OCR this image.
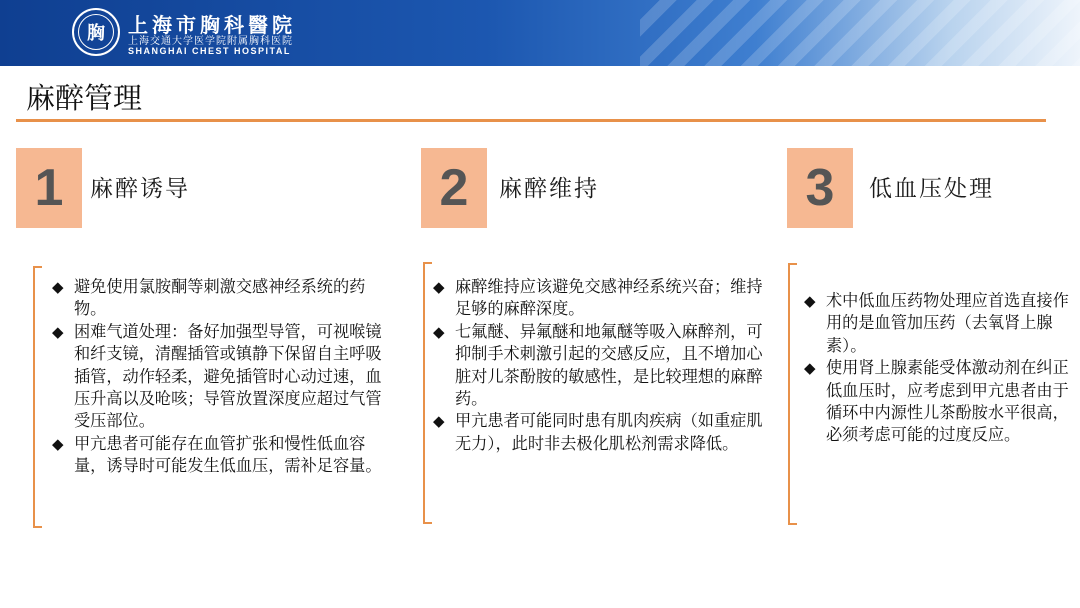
胸 上海市胸科醫院
上海交通大学医学院附属胸科医院
SHANGHAI CHEST HOSPITAL
麻醉管理
1 麻醉诱导

◆ 避免使用氯胺酮等刺激交感神经系统的药物。

◆ 困难气道处理：备好加强型导管，可视喉镜和纤支镜，清醒插管或镇静下保留自主呼吸插管，动作轻柔，避免插管时心动过速，血压升高以及呛咳；导管放置深度应超过气管受压部位。

◆ 甲亢患者可能存在血管扩张和慢性低血容量，诱导时可能发生低血压，需补足容量。

2 麻醉维持

◆ 麻醉维持应该避免交感神经系统兴奋；维持足够的麻醉深度。

◆ 七氟醚、异氟醚和地氟醚等吸入麻醉剂，可抑制手术刺激引起的交感反应，且不增加心脏对儿茶酚胺的敏感性，是比较理想的麻醉药。

◆ 甲亢患者可能同时患有肌肉疾病（如重症肌无力），此时非去极化肌松剂需求降低。

3 低血压处理

◆ 术中低血压药物处理应首选直接作用的是血管加压药（去氧肾上腺素）。

◆ 使用肾上腺素能受体激动剂在纠正低血压时，应考虑到甲亢患者由于循环中内源性儿茶酚胺水平很高，必须考虑可能的过度反应。
